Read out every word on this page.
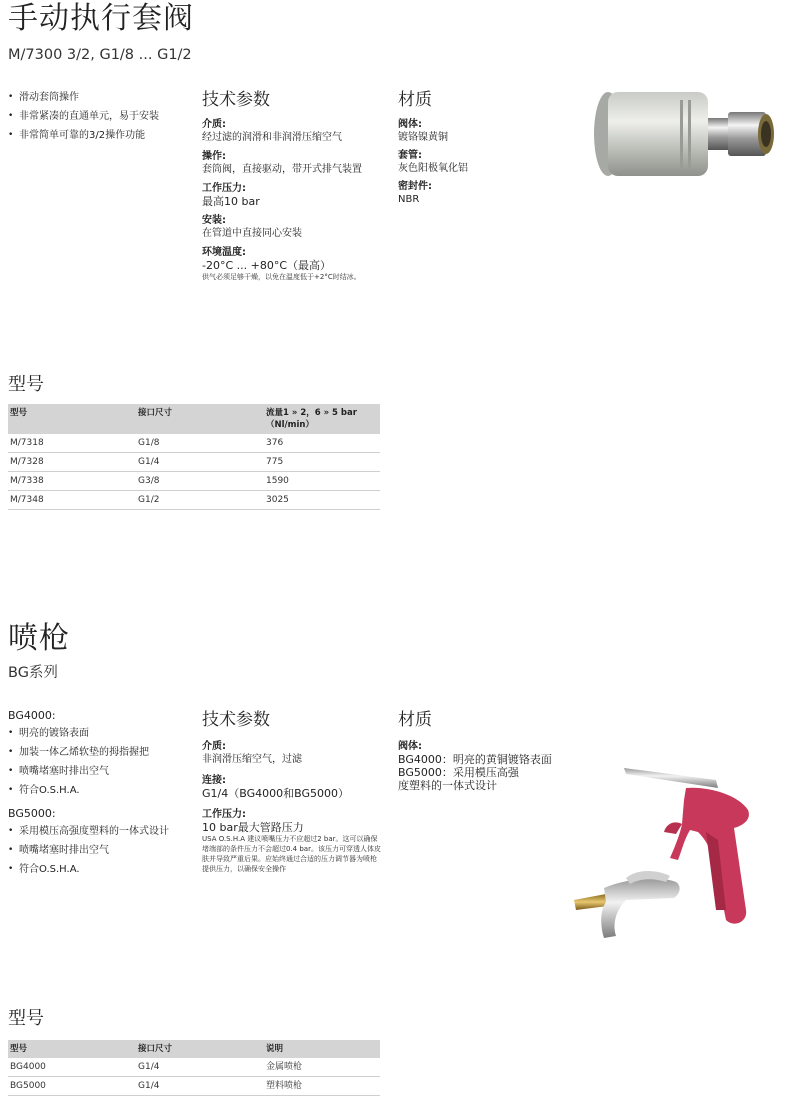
手动执行套阀
M/7300 3/2, G1/8 ... G1/2
• 滑动套筒操作
• 非常紧凑的直通单元，易于安装
• 非常简单可靠的3/2操作功能
技术参数
介质:
经过滤的润滑和非润滑压缩空气
操作:
套筒阀，直接驱动，带开式排气装置
工作压力:
最高10 bar
安装:
在管道中直接同心安装
环境温度:
-20°C ... +80°C（最高）
供气必须足够干燥，以免在温度低于+2°C时结冰。
材质
阀体:
镀铬镍黄铜
套管:
灰色阳极氧化铝
密封件:
NBR
型号
型号	接口尺寸	流量1 » 2，6 » 5 bar
（Nl/min）

M/7318	G1/8	376
M/7328	G1/4	775
M/7338	G3/8	1590
M/7348	G1/2	3025
喷枪
BG系列
BG4000:
• 明亮的镀铬表面
• 加装一体乙烯软垫的拇指握把
• 喷嘴堵塞时排出空气
• 符合O.S.H.A.
BG5000:
• 采用模压高强度塑料的一体式设计
• 喷嘴堵塞时排出空气
• 符合O.S.H.A.
技术参数
介质:
非润滑压缩空气，过滤
连接:
G1/4（BG4000和BG5000）
工作压力:
10 bar最大管路压力
USA O.S.H.A 建议喷嘴压力不应超过2 bar。这可以确保堵端部的条件压力不会超过0.4 bar。该压力可穿透人体皮肤并导致严重后果。应始终通过合适的压力调节器为喷枪提供压力，以确保安全操作
材质
阀体:
BG4000：明亮的黄铜镀铬表面
BG5000：采用模压高强
度塑料的一体式设计
型号
型号	接口尺寸	说明
BG4000	G1/4	金属喷枪
BG5000	G1/4	塑料喷枪
